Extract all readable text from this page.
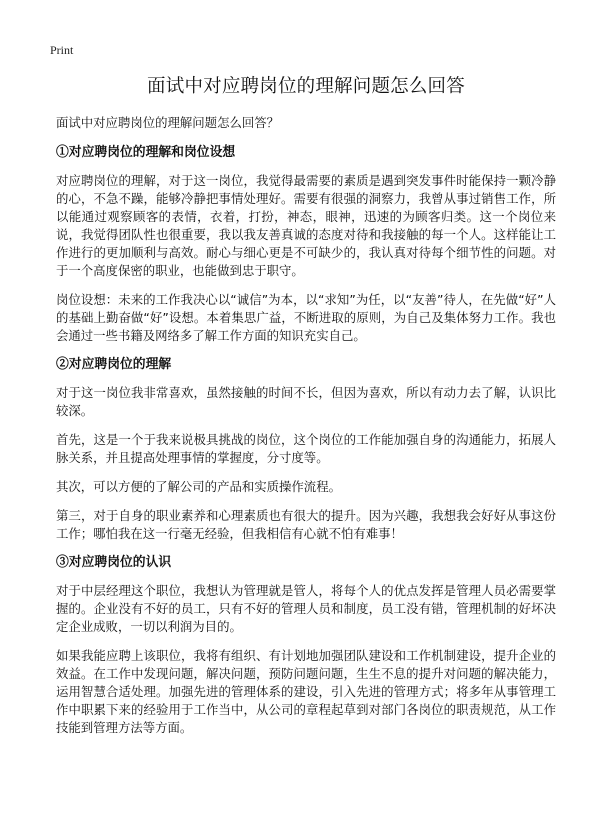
Print
面试中对应聘岗位的理解问题怎么回答

面试中对应聘岗位的理解问题怎么回答？

①对应聘岗位的理解和岗位设想

对应聘岗位的理解，对于这一岗位，我觉得最需要的素质是遇到突发事件时能保持一颗冷静的心，不急不躁，能够冷静把事情处理好。需要有很强的洞察力，我曾从事过销售工作，所以能通过观察顾客的表情，衣着，打扮，神态，眼神，迅速的为顾客归类。这一个岗位来说，我觉得团队性也很重要，我以我友善真诚的态度对待和我接触的每一个人。这样能让工作进行的更加顺利与高效。耐心与细心更是不可缺少的，我认真对待每个细节性的问题。对于一个高度保密的职业，也能做到忠于职守。

岗位设想：未来的工作我决心以“诚信”为本，以“求知”为任，以“友善”待人，在先做“好”人的基础上勤奋做“好”设想。本着集思广益，不断进取的原则，为自己及集体努力工作。我也会通过一些书籍及网络多了解工作方面的知识充实自己。

②对应聘岗位的理解

对于这一岗位我非常喜欢，虽然接触的时间不长，但因为喜欢，所以有动力去了解，认识比较深。

首先，这是一个于我来说极具挑战的岗位，这个岗位的工作能加强自身的沟通能力，拓展人脉关系，并且提高处理事情的掌握度，分寸度等。

其次，可以方便的了解公司的产品和实质操作流程。

第三，对于自身的职业素养和心理素质也有很大的提升。因为兴趣，我想我会好好从事这份工作；哪怕我在这一行毫无经验，但我相信有心就不怕有难事！

③对应聘岗位的认识

对于中层经理这个职位，我想认为管理就是管人，将每个人的优点发挥是管理人员必需要掌握的。企业没有不好的员工，只有不好的管理人员和制度，员工没有错，管理机制的好坏决定企业成败，一切以利润为目的。

如果我能应聘上该职位，我将有组织、有计划地加强团队建设和工作机制建设，提升企业的效益。在工作中发现问题，解决问题，预防问题问题，生生不息的提升对问题的解决能力，运用智慧合适处理。加强先进的管理体系的建设，引入先进的管理方式；将多年从事管理工作中职累下来的经验用于工作当中，从公司的章程起草到对部门各岗位的职责规范，从工作技能到管理方法等方面。
